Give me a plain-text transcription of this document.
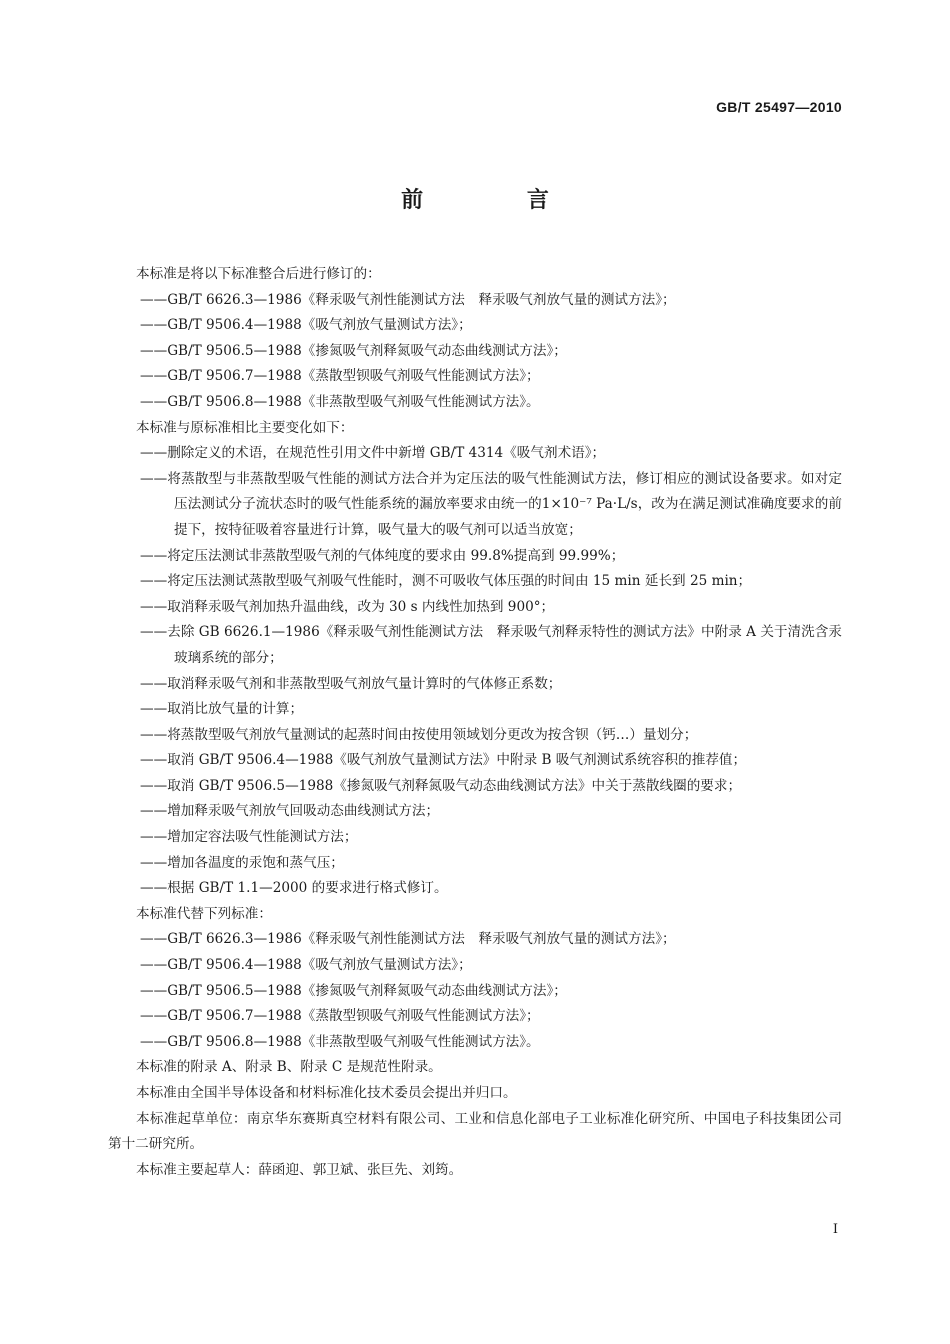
GB/T 25497—2010
前 言

本标准是将以下标准整合后进行修订的：

——GB/T 6626.3—1986《释汞吸气剂性能测试方法　释汞吸气剂放气量的测试方法》；

——GB/T 9506.4—1988《吸气剂放气量测试方法》；

——GB/T 9506.5—1988《掺氮吸气剂释氮吸气动态曲线测试方法》；

——GB/T 9506.7—1988《蒸散型钡吸气剂吸气性能测试方法》；

——GB/T 9506.8—1988《非蒸散型吸气剂吸气性能测试方法》。

本标准与原标准相比主要变化如下：

——删除定义的术语，在规范性引用文件中新增 GB/T 4314《吸气剂术语》；

——将蒸散型与非蒸散型吸气性能的测试方法合并为定压法的吸气性能测试方法，修订相应的测试设备要求。如对定压法测试分子流状态时的吸气性能系统的漏放率要求由统一的1×10⁻⁷ Pa·L/s，改为在满足测试准确度要求的前提下，按特征吸着容量进行计算，吸气量大的吸气剂可以适当放宽；

——将定压法测试非蒸散型吸气剂的气体纯度的要求由 99.8%提高到 99.99%；

——将定压法测试蒸散型吸气剂吸气性能时，测不可吸收气体压强的时间由 15 min 延长到 25 min；

——取消释汞吸气剂加热升温曲线，改为 30 s 内线性加热到 900°；

——去除 GB 6626.1—1986《释汞吸气剂性能测试方法　释汞吸气剂释汞特性的测试方法》中附录 A 关于清洗含汞玻璃系统的部分；

——取消释汞吸气剂和非蒸散型吸气剂放气量计算时的气体修正系数；

——取消比放气量的计算；

——将蒸散型吸气剂放气量测试的起蒸时间由按使用领域划分更改为按含钡（钙…）量划分；

——取消 GB/T 9506.4—1988《吸气剂放气量测试方法》中附录 B 吸气剂测试系统容积的推荐值；

——取消 GB/T 9506.5—1988《掺氮吸气剂释氮吸气动态曲线测试方法》中关于蒸散线圈的要求；

——增加释汞吸气剂放气回吸动态曲线测试方法；

——增加定容法吸气性能测试方法；

——增加各温度的汞饱和蒸气压；

——根据 GB/T 1.1—2000 的要求进行格式修订。

本标准代替下列标准：

——GB/T 6626.3—1986《释汞吸气剂性能测试方法　释汞吸气剂放气量的测试方法》；

——GB/T 9506.4—1988《吸气剂放气量测试方法》；

——GB/T 9506.5—1988《掺氮吸气剂释氮吸气动态曲线测试方法》；

——GB/T 9506.7—1988《蒸散型钡吸气剂吸气性能测试方法》；

——GB/T 9506.8—1988《非蒸散型吸气剂吸气性能测试方法》。

本标准的附录 A、附录 B、附录 C 是规范性附录。

本标准由全国半导体设备和材料标准化技术委员会提出并归口。

本标准起草单位：南京华东赛斯真空材料有限公司、工业和信息化部电子工业标准化研究所、中国电子科技集团公司第十二研究所。

本标准主要起草人：薛函迎、郭卫斌、张巨先、刘筠。

I
